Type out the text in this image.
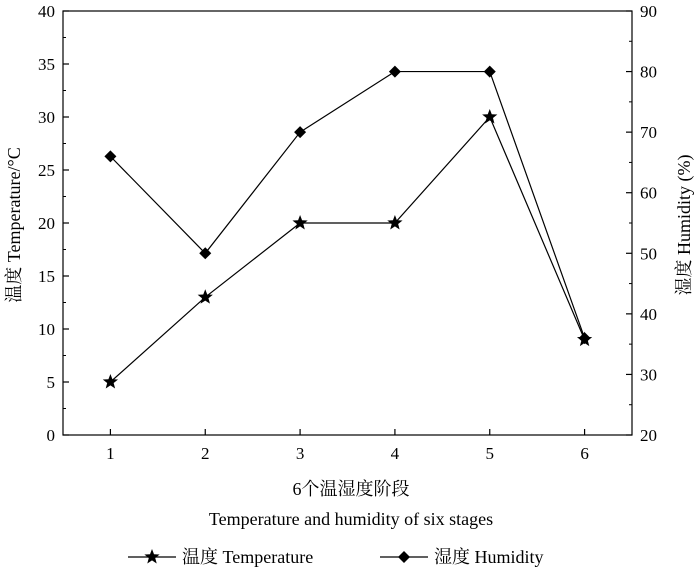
1	2	3	4	5	6
0
5
10
15
20
25
30
35
40
20
30
40
50
60
70
80
90
温度 Temperature/°C	湿度 Humidity (%)
6个温湿度阶段
Temperature and humidity of six stages
温度 Temperature	湿度 Humidity
